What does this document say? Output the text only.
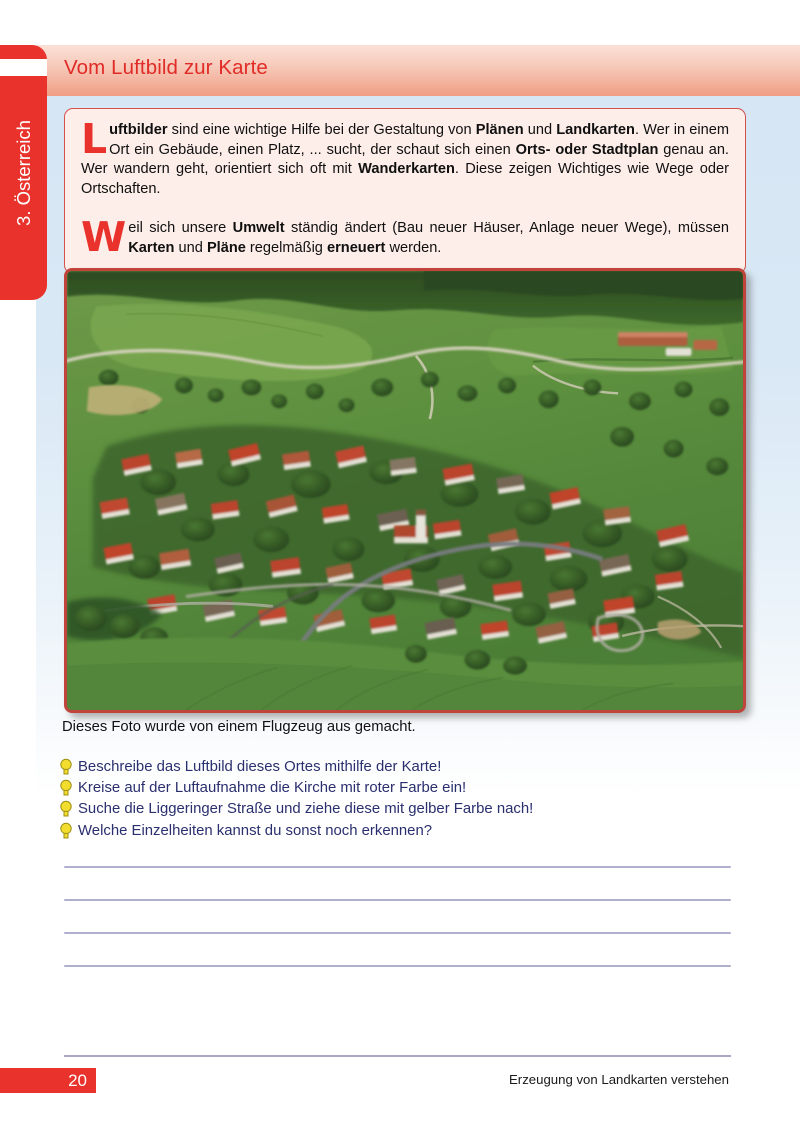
Vom Luftbild zur Karte
3. Österreich L uftbilder sind eine wichtige Hilfe bei der Gestaltung von Plänen und Landkarten. Wer in einem Ort ein Gebäude, einen Platz, ... sucht, der schaut sich einen Orts- oder Stadtplan genau an. Wer wandern geht, orientiert sich oft mit Wanderkarten. Diese zeigen Wichtiges wie Wege oder Ortschaften.
W eil sich unsere Umwelt ständig ändert (Bau neuer Häuser, Anlage neuer Wege), müssen Karten und Pläne regelmäßig erneuert werden.
Dieses Foto wurde von einem Flugzeug aus gemacht.
Beschreibe das Luftbild dieses Ortes mithilfe der Karte!
Kreise auf der Luftaufnahme die Kirche mit roter Farbe ein!
Suche die Liggeringer Straße und ziehe diese mit gelber Farbe nach!
Welche Einzelheiten kannst du sonst noch erkennen?
20	Erzeugung von Landkarten verstehen
